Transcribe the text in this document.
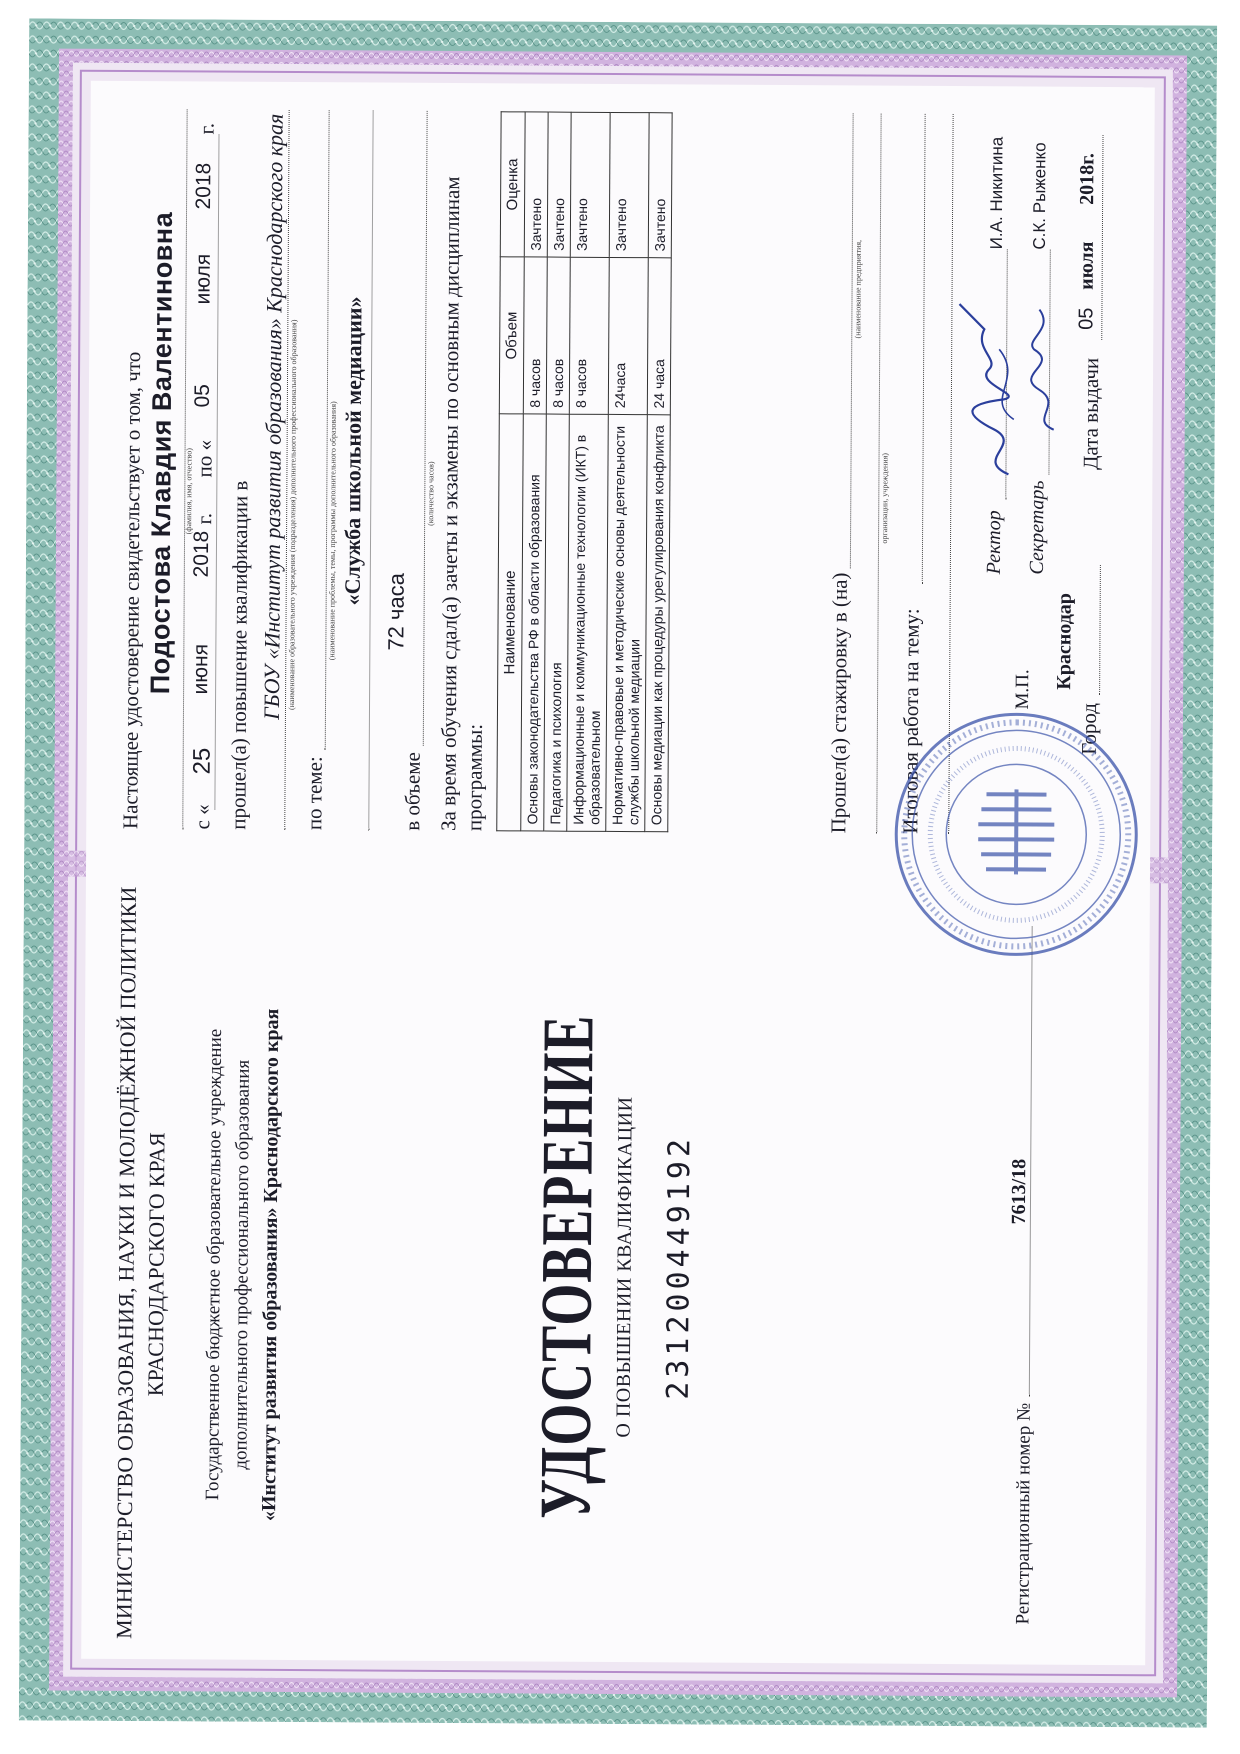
МИНИСТЕРСТВО ОБРАЗОВАНИЯ, НАУКИ И МОЛОДЁЖНОЙ ПОЛИТИКИ КРАСНОДАРСКОГО КРАЯ Государственное бюджетное образовательное учреждение дополнительного профессионального образования «Институт развития образования» Краснодарского края	УДОСТОВЕРЕНИЕ О ПОВЫШЕНИИ КВАЛИФИКАЦИИ 231200449192
Регистрационный номер №
7613/18
Настоящее удостоверение свидетельствует о том, что Подостова Клавдия Валентиновна
с «
25
июня
2018
г.
(фамилия, имя, отчество)
по «
05
июля
2018
г.
прошел(а) повышение квалификации в ГБОУ «Институт развития образования» Краснодарского края (наименование образовательного учреждения (подразделения) дополнительного профессионального образования)
по теме:
(наименование проблемы, темы, программы дополнительного образования) «Служба школьной медиации»
в объеме
72 часа
(количество часов) За время обучения сдал(а) зачеты и экзамены по основным дисциплинам
программы:
Наименование	Объем	Оценка
Основы законодательства РФ в области образования	8 часов	Зачтено
Педагогика и психология	8 часов	Зачтено
Информационные и коммуникационные технологии (ИКТ) в образовательном	8 часов	Зачтено
Нормативно-правовые и методические основы деятельности службы школьной медиации	24часа	Зачтено
Основы медиации как процедуры урегулирования конфликта	24 часа	Зачтено
Прошел(а) стажировку в (на)
(наименование предприятия,
организации, учреждения)
Итоговая работа на тему:
Ректор
И.А. Никитина
М.П.
Секретарь
С.К. Рыженко
Город
Краснодар
Дата выдачи
05
июля
2018г.
